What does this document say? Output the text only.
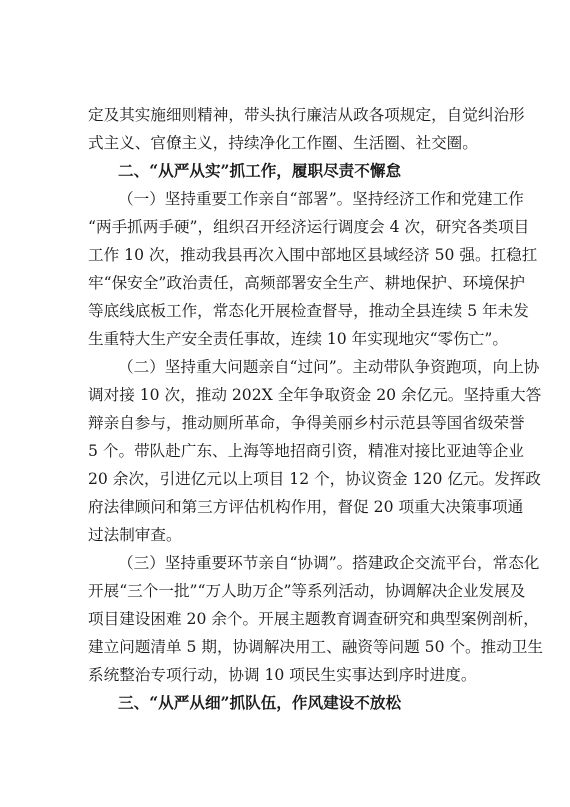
定及其实施细则精神，带头执行廉洁从政各项规定，自觉纠治形
式主义、官僚主义，持续净化工作圈、生活圈、社交圈。
二、“从严从实”抓工作，履职尽责不懈怠
（一）坚持重要工作亲自“部署”。坚持经济工作和党建工作
“两手抓两手硬”，组织召开经济运行调度会 4 次，研究各类项目
工作 10 次，推动我县再次入围中部地区县域经济 50 强。扛稳扛
牢“保安全”政治责任，高频部署安全生产、耕地保护、环境保护
等底线底板工作，常态化开展检查督导，推动全县连续 5 年未发
生重特大生产安全责任事故，连续 10 年实现地灾“零伤亡”。
（二）坚持重大问题亲自“过问”。主动带队争资跑项，向上协
调对接 10 次，推动 202X 全年争取资金 20 余亿元。坚持重大答
辩亲自参与，推动厕所革命，争得美丽乡村示范县等国省级荣誉
5 个。带队赴广东、上海等地招商引资，精准对接比亚迪等企业
20 余次，引进亿元以上项目 12 个，协议资金 120 亿元。发挥政
府法律顾问和第三方评估机构作用，督促 20 项重大决策事项通
过法制审查。
（三）坚持重要环节亲自“协调”。搭建政企交流平台，常态化
开展“三个一批”“万人助万企”等系列活动，协调解决企业发展及
项目建设困难 20 余个。开展主题教育调查研究和典型案例剖析，
建立问题清单 5 期，协调解决用工、融资等问题 50 个。推动卫生
系统整治专项行动，协调 10 项民生实事达到序时进度。
三、“从严从细”抓队伍，作风建设不放松
